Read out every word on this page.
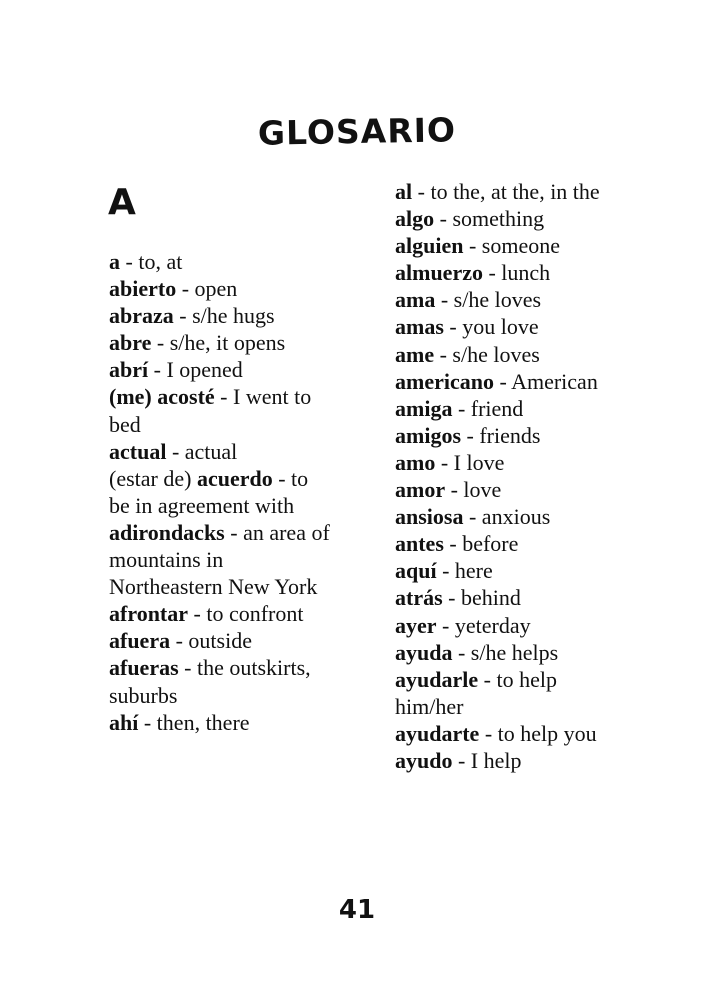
GLOSARIO
A

a - to, at

abierto - open

abraza - s/he hugs

abre - s/he, it opens

abrí - I opened

(me) acosté - I went to bed

actual - actual

(estar de) acuerdo - to be in agreement with

adirondacks - an area of mountains in Northeastern New York

afrontar - to confront

afuera - outside

afueras - the outskirts, suburbs

ahí - then, there

al - to the, at the, in the

algo - something

alguien - someone

almuerzo - lunch

ama - s/he loves

amas - you love

ame - s/he loves

americano - American

amiga - friend

amigos - friends

amo - I love

amor - love

ansiosa - anxious

antes - before

aquí - here

atrás - behind

ayer - yeterday

ayuda - s/he helps

ayudarle - to help him/her

ayudarte - to help you

ayudo - I help

41
